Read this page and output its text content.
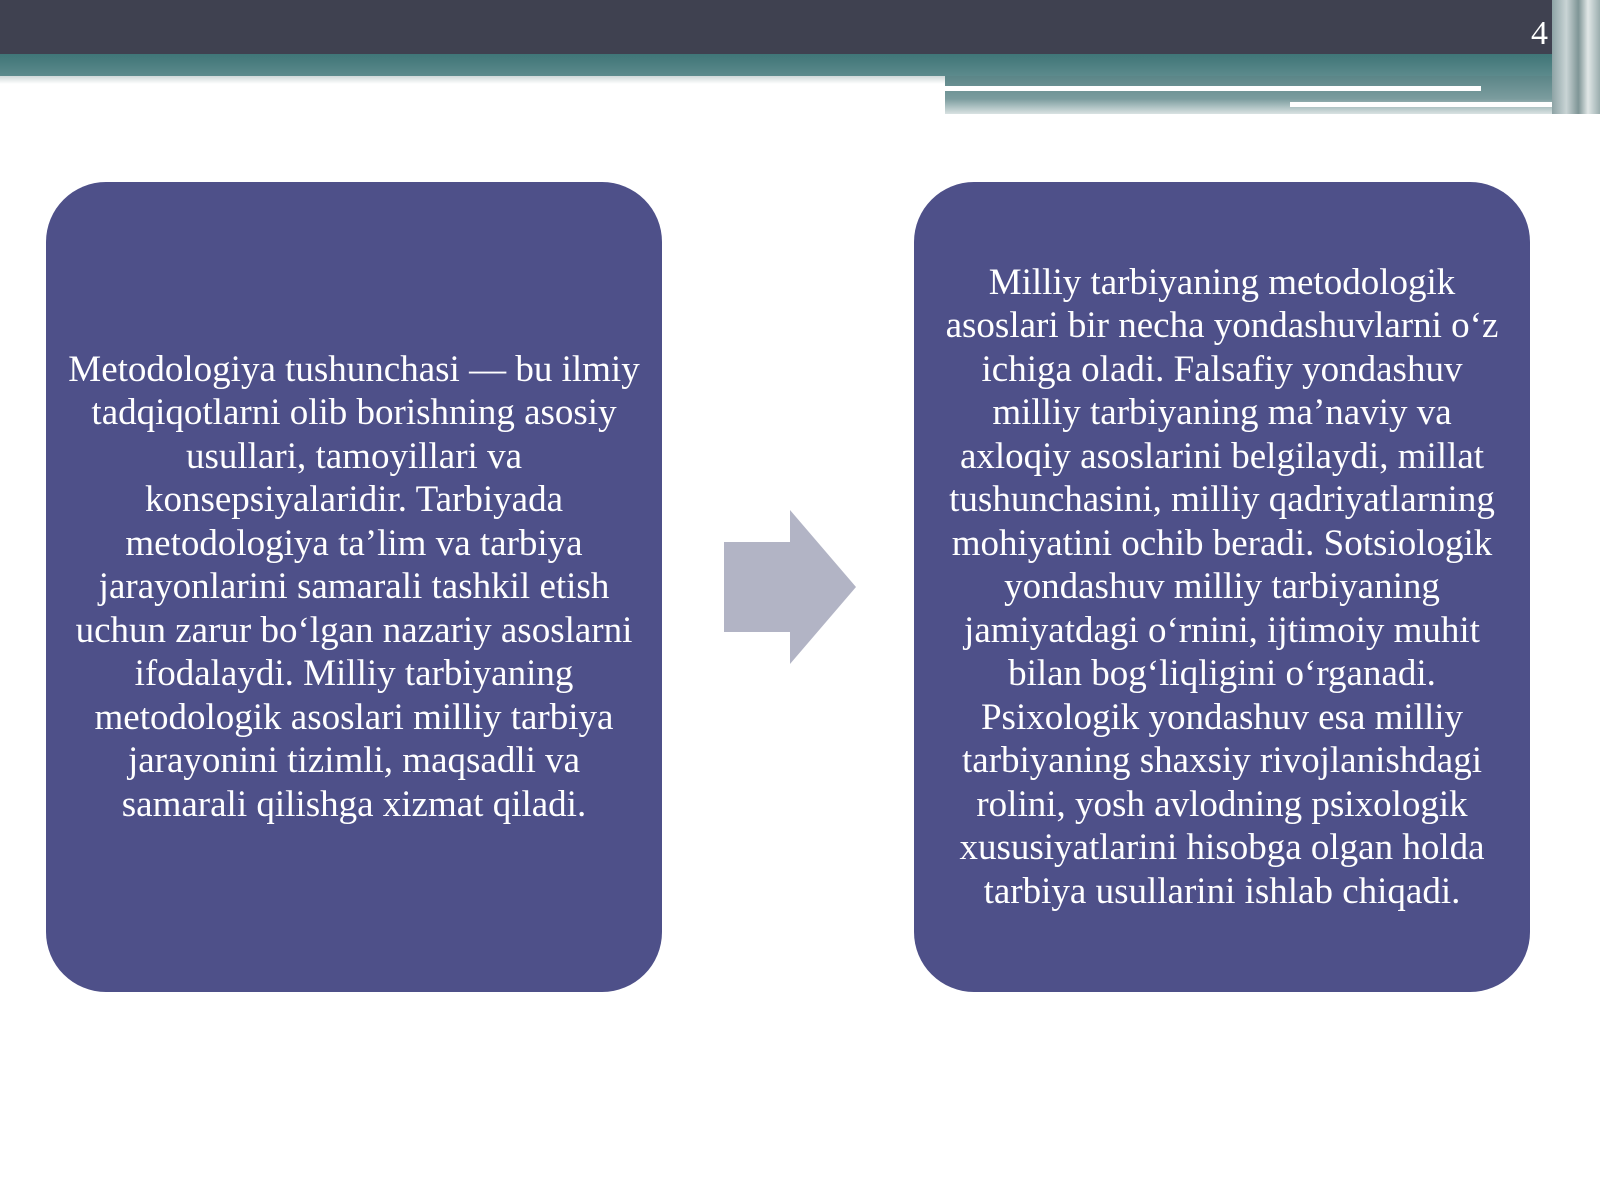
4

Metodologiya tushunchasi — bu ilmiy tadqiqotlarni olib borishning asosiy usullari, tamoyillari va konsepsiyalaridir. Tarbiyada metodologiya ta’lim va tarbiya jarayonlarini samarali tashkil etish uchun zarur bo‘lgan nazariy asoslarni ifodalaydi. Milliy tarbiyaning metodologik asoslari milliy tarbiya jarayonini tizimli, maqsadli va samarali qilishga xizmat qiladi.

Milliy tarbiyaning metodologik asoslari bir necha yondashuvlarni o‘z ichiga oladi. Falsafiy yondashuv milliy tarbiyaning ma’naviy va axloqiy asoslarini belgilaydi, millat tushunchasini, milliy qadriyatlarning mohiyatini ochib beradi. Sotsiologik yondashuv milliy tarbiyaning jamiyatdagi o‘rnini, ijtimoiy muhit bilan bog‘liqligini o‘rganadi. Psixologik yondashuv esa milliy tarbiyaning shaxsiy rivojlanishdagi rolini, yosh avlodning psixologik xususiyatlarini hisobga olgan holda tarbiya usullarini ishlab chiqadi.
